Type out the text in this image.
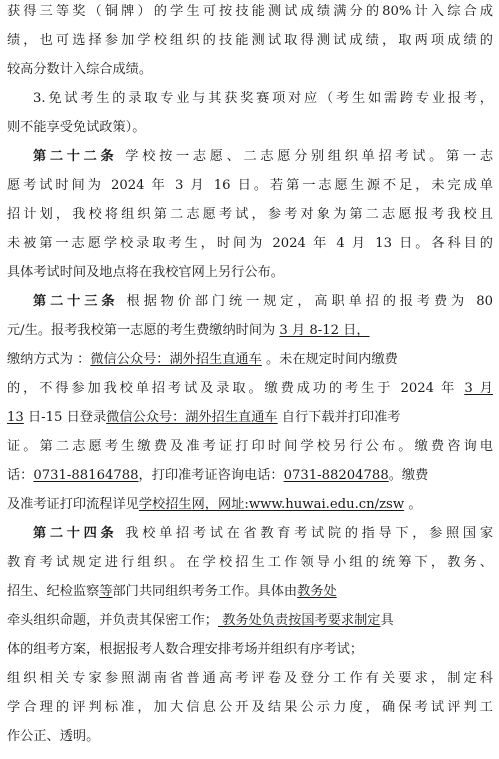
获得三等奖（铜牌）的学生可按技能测试成绩满分的80%计入综合成
绩，也可选择参加学校组织的技能测试取得测试成绩，取两项成绩的
较高分数计入综合成绩。
3.免试考生的录取专业与其获奖赛项对应（考生如需跨专业报考，
则不能享受免试政策）。
第二十二条 学校按一志愿、二志愿分别组织单招考试。第一志
愿考试时间为 2024 年 3 月 16 日。若第一志愿生源不足，未完成单
招计划，我校将组织第二志愿考试，参考对象为第二志愿报考我校且
未被第一志愿学校录取考生，时间为 2024 年 4 月 13 日。各科目的
具体考试时间及地点将在我校官网上另行公布。
第二十三条 根据物价部门统一规定，高职单招的报考费为 80
元/生。报考我校第一志愿的考生费缴纳时间为 3 月 8-12 日，
缴纳方式为 ：微信公众号：湖外招生直通车 。未在规定时间内缴费
的，不得参加我校单招考试及录取。缴费成功的考生于 2024 年 3 月
13 日-15 日登录微信公众号：湖外招生直通车 自行下载并打印准考
证。第二志愿考生缴费及准考证打印时间学校另行公布。缴费咨询电
话：0731-88164788，打印准考证咨询电话：0731-88204788。缴费
及准考证打印流程详见学校招生网，网址:www.huwai.edu.cn/zsw 。
第二十四条 我校单招考试在省教育考试院的指导下，参照国家
教育考试规定进行组织。在学校招生工作领导小组的统筹下，教务、
招生、纪检监察等部门共同组织考务工作。具体由教务处
牵头组织命题，并负责其保密工作； 教务处负责按国考要求制定具
体的组考方案，根据报考人数合理安排考场并组织有序考试；
组织相关专家参照湖南省普通高考评卷及登分工作有关要求，制定科
学合理的评判标准，加大信息公开及结果公示力度，确保考试评判工
作公正、透明。
